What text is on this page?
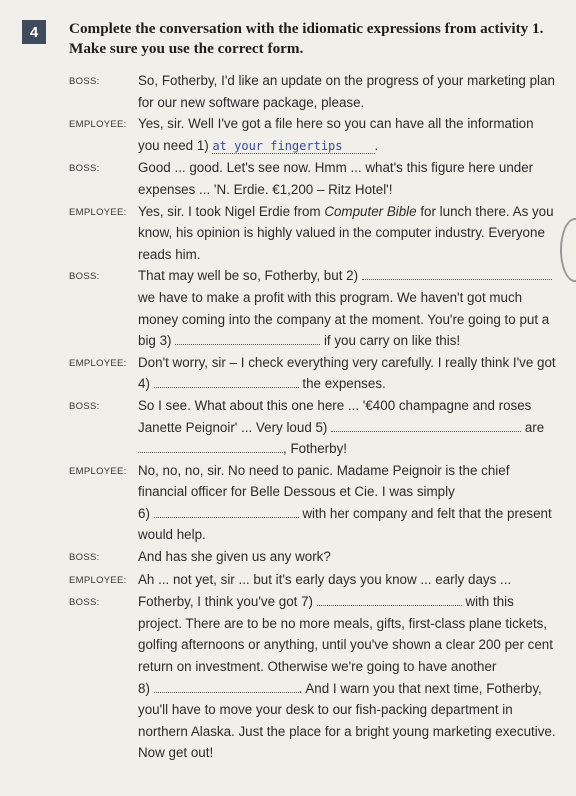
4	Complete the conversation with the idiomatic expressions from activity 1. Make sure you use the correct form.
BOSS:	So, Fotherby, I'd like an update on the progress of your marketing plan for our new software package, please.
EMPLOYEE: Yes, sir. Well I've got a file here so you can have all the information you need 1) at your fingertips .
BOSS:	Good ... good. Let's see now. Hmm ... what's this figure here under expenses ... 'N. Erdie. €1,200 – Ritz Hotel'!
EMPLOYEE: Yes, sir. I took Nigel Erdie from Computer Bible for lunch there. As you know, his opinion is highly valued in the computer industry. Everyone reads him.
BOSS:	That may well be so, Fotherby, but 2)  we have to make a profit with this program. We haven't got much money coming into the company at the moment. You're going to put a big 3)	if you carry on like this!
EMPLOYEE: Don't worry, sir – I check everything very carefully. I really think I've got 4)	the expenses.
BOSS:	So I see. What about this one here ... '€400 champagne and roses Janette Peignoir' ... Very loud 5)	are
, Fotherby!
EMPLOYEE: No, no, no, sir. No need to panic. Madame Peignoir is the chief financial officer for Belle Dessous et Cie. I was simply
6)	with her company and felt that the present would help.
BOSS:	And has she given us any work?
EMPLOYEE: Ah ... not yet, sir ... but it's early days you know ... early days ...
BOSS:	Fotherby, I think you've got 7)	with this project. There are to be no more meals, gifts, first-class plane tickets, golfing afternoons or anything, until you've shown a clear 200 per cent return on investment. Otherwise we're going to have another
8)	. And I warn you that next time, Fotherby, you'll have to move your desk to our fish-packing department in northern Alaska. Just the place for a bright young marketing executive. Now get out!
